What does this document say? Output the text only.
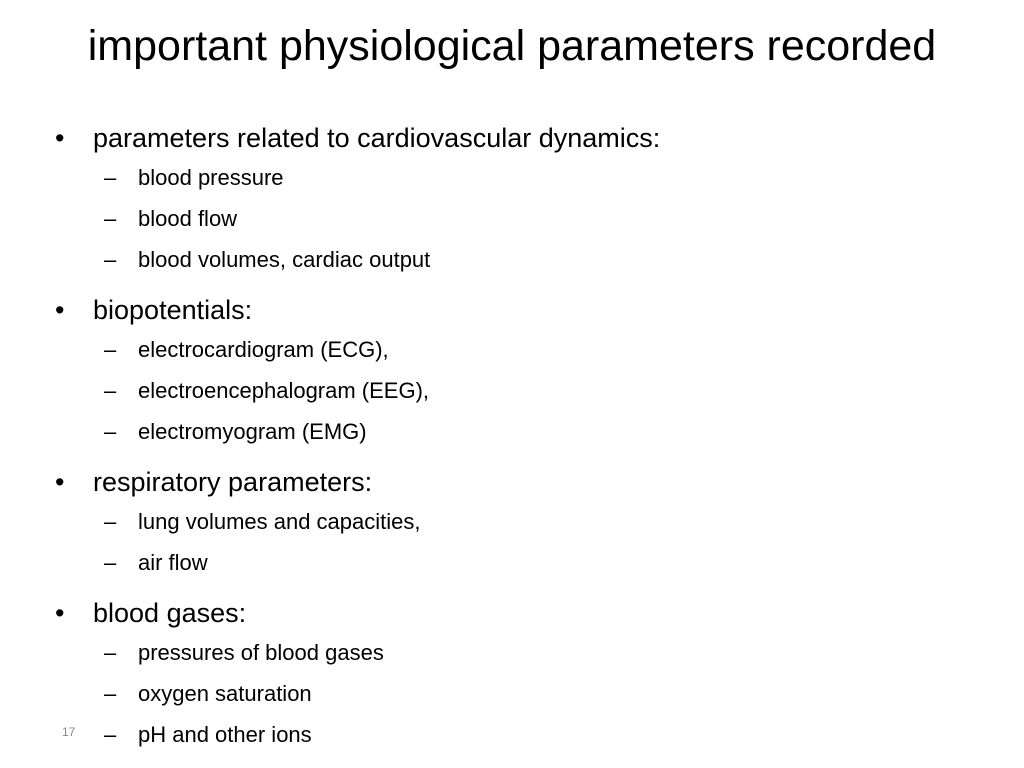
important physiological parameters recorded
• parameters related to cardiovascular dynamics:
– blood pressure
– blood flow
– blood volumes, cardiac output
• biopotentials:
– electrocardiogram (ECG),
– electroencephalogram (EEG),
– electromyogram (EMG)
• respiratory parameters:
– lung volumes and capacities,
– air flow
• blood gases:
– pressures of blood gases
– oxygen saturation
– pH and other ions
17
